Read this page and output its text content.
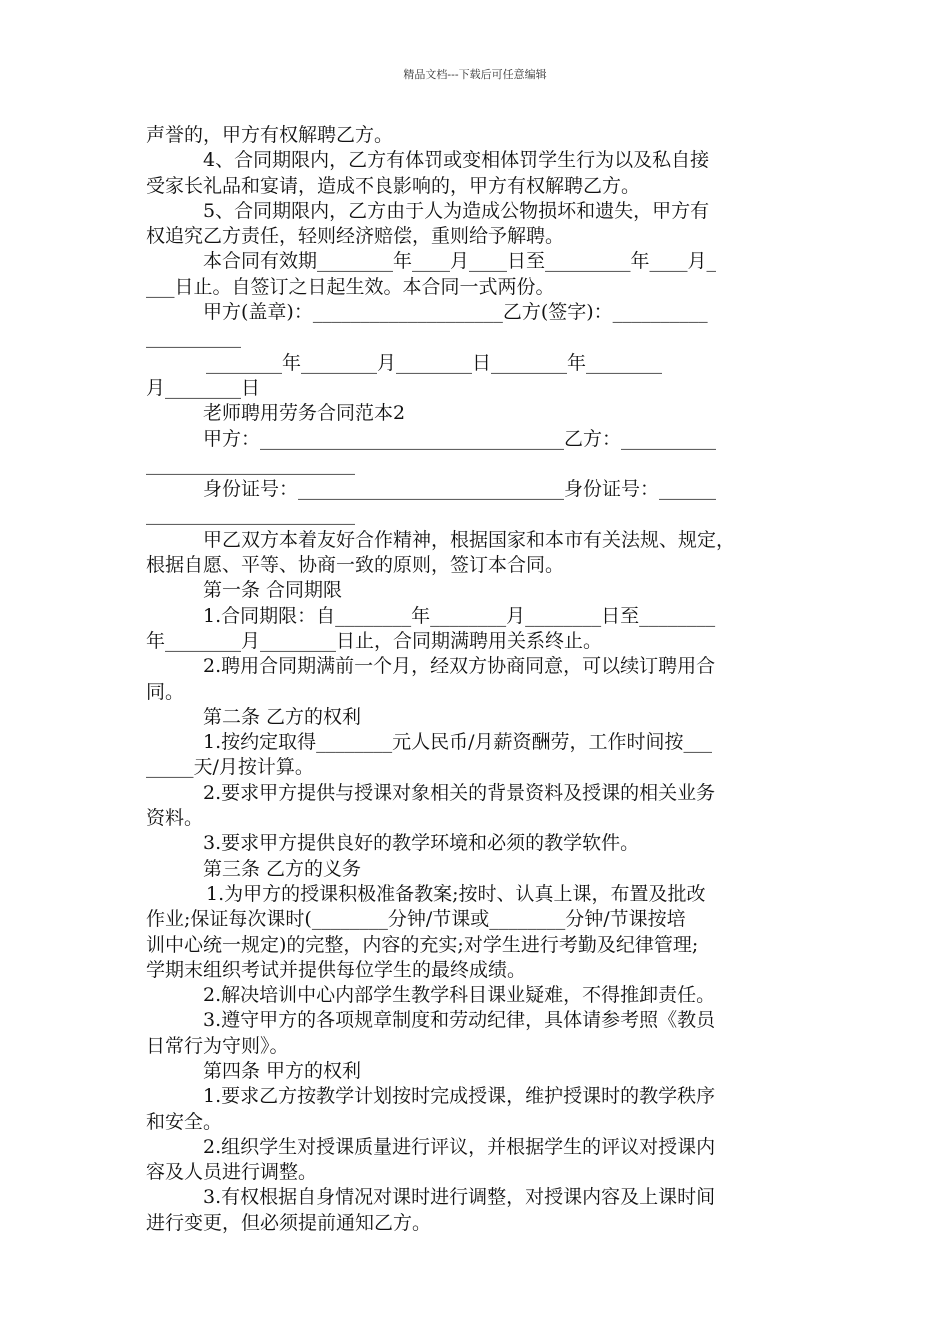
精品文档---下载后可任意编辑
声誉的，甲方有权解聘乙方。
4、合同期限内，乙方有体罚或变相体罚学生行为以及私自接
受家长礼品和宴请，造成不良影响的，甲方有权解聘乙方。
5、合同期限内，乙方由于人为造成公物损坏和遗失，甲方有
权追究乙方责任，轻则经济赔偿，重则给予解聘。
本合同有效期________年____月____日至_________年____月_
___日止。自签订之日起生效。本合同一式两份。
甲方(盖章)：____________________乙方(签字)：__________
__________
________年________月________日________年________
月________日
老师聘用劳务合同范本2
甲方：________________________________乙方：__________
______________________
身份证号：____________________________身份证号：______
______________________
甲乙双方本着友好合作精神，根据国家和本市有关法规、规定，
根据自愿、平等、协商一致的原则，签订本合同。
第一条 合同期限
1.合同期限：自________年________月________日至________
年________月________日止，合同期满聘用关系终止。
2.聘用合同期满前一个月，经双方协商同意，可以续订聘用合
同。
第二条 乙方的权利
1.按约定取得________元人民币/月薪资酬劳，工作时间按___
_____天/月按计算。
2.要求甲方提供与授课对象相关的背景资料及授课的相关业务
资料。
3.要求甲方提供良好的教学环境和必须的教学软件。
第三条 乙方的义务
1.为甲方的授课积极准备教案;按时、认真上课，布置及批改
作业;保证每次课时(________分钟/节课或________分钟/节课按培
训中心统一规定)的完整，内容的充实;对学生进行考勤及纪律管理;
学期末组织考试并提供每位学生的最终成绩。
2.解决培训中心内部学生教学科目课业疑难，不得推卸责任。
3.遵守甲方的各项规章制度和劳动纪律，具体请参考照《教员
日常行为守则》。
第四条 甲方的权利
1.要求乙方按教学计划按时完成授课，维护授课时的教学秩序
和安全。
2.组织学生对授课质量进行评议，并根据学生的评议对授课内
容及人员进行调整。
3.有权根据自身情况对课时进行调整，对授课内容及上课时间
进行变更，但必须提前通知乙方。
